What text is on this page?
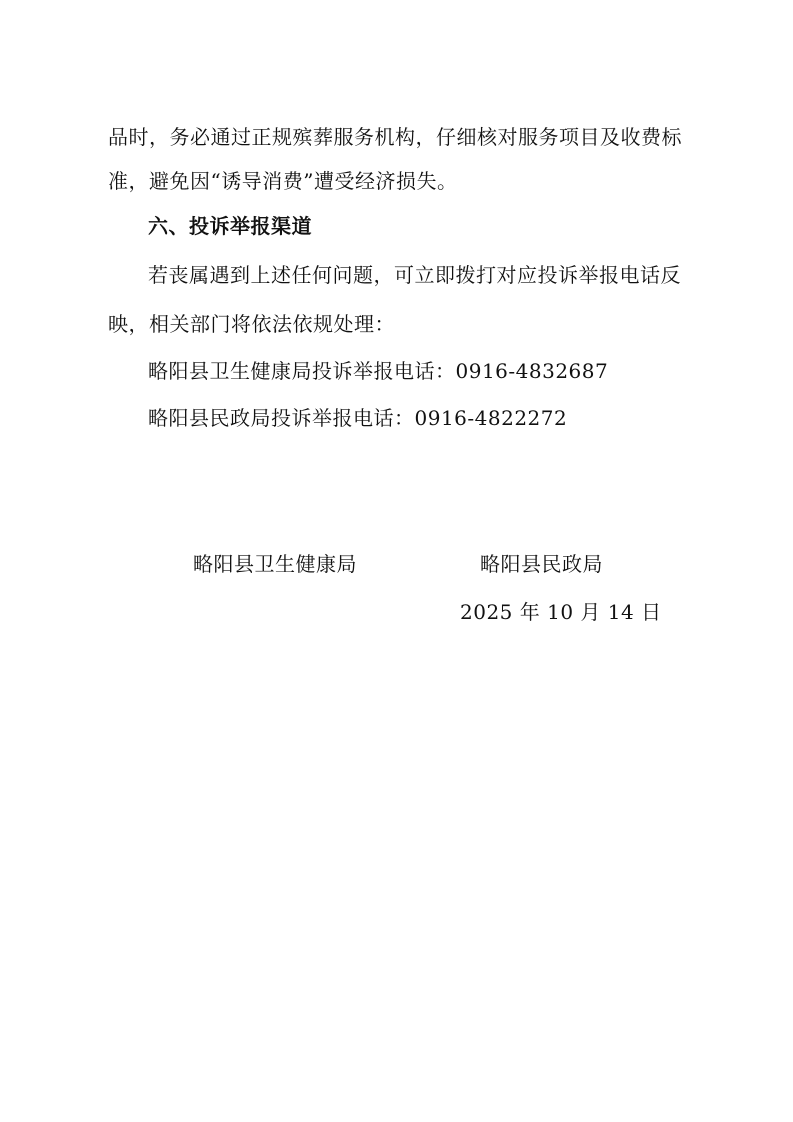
品时，务必通过正规殡葬服务机构，仔细核对服务项目及收费标
准，避免因“诱导消费”遭受经济损失。
六、投诉举报渠道
若丧属遇到上述任何问题，可立即拨打对应投诉举报电话反
映，相关部门将依法依规处理：
略阳县卫生健康局投诉举报电话：0916-4832687
略阳县民政局投诉举报电话：0916-4822272
略阳县卫生健康局	略阳县民政局
2025 年 10 月 14 日
